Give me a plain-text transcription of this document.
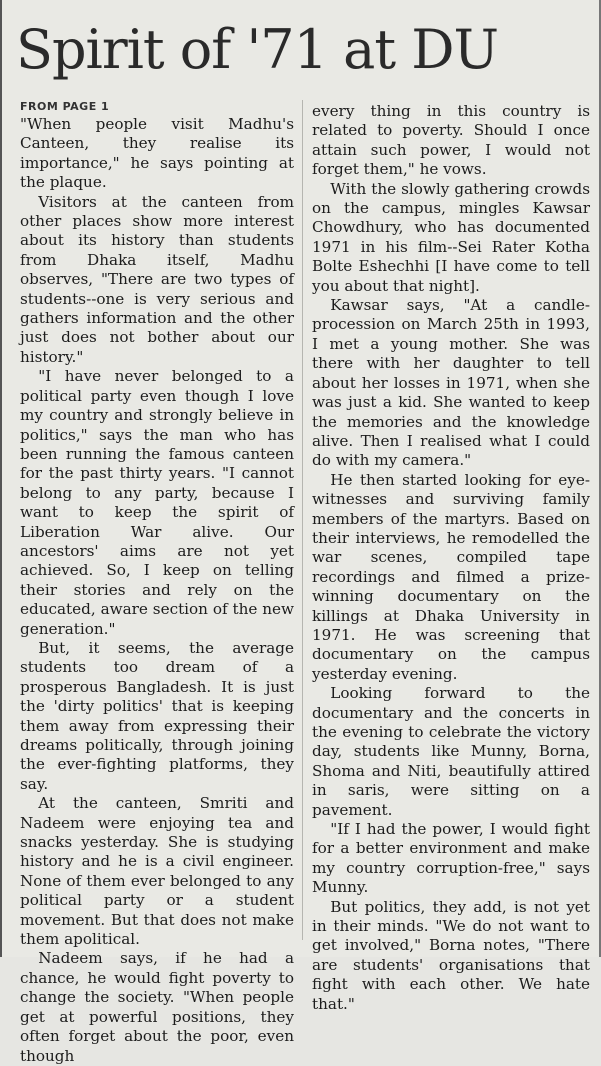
Spirit of '71 at DU
FROM PAGE 1

"When people visit Madhu's Canteen, they realise its importance," he says pointing at the plaque.

Visitors at the canteen from other places show more interest about its history than students from Dhaka itself, Madhu observes, "There are two types of students--one is very serious and gathers information and the other just does not bother about our history."

"I have never belonged to a political party even though I love my country and strongly believe in politics," says the man who has been running the famous canteen for the past thirty years. "I cannot belong to any party, because I want to keep the spirit of Liberation War alive. Our ancestors' aims are not yet achieved. So, I keep on telling their stories and rely on the educated, aware section of the new generation."

But, it seems, the average students too dream of a prosperous Bangladesh. It is just the 'dirty politics' that is keeping them away from expressing their dreams politically, through joining the ever-fighting platforms, they say.

At the canteen, Smriti and Nadeem were enjoying tea and snacks yesterday. She is studying history and he is a civil engineer. None of them ever belonged to any political party or a student movement. But that does not make them apolitical.

Nadeem says, if he had a chance, he would fight poverty to change the society. "When people get at powerful positions, they often forget about the poor, even though

every thing in this country is related to poverty. Should I once attain such power, I would not forget them," he vows.

With the slowly gathering crowds on the campus, mingles Kawsar Chowdhury, who has documented 1971 in his film--Sei Rater Kotha Bolte Eshechhi [I have come to tell you about that night].

Kawsar says, "At a candle-procession on March 25th in 1993, I met a young mother. She was there with her daughter to tell about her losses in 1971, when she was just a kid. She wanted to keep the memories and the knowledge alive. Then I realised what I could do with my camera."

He then started looking for eye-witnesses and surviving family members of the martyrs. Based on their interviews, he remodelled the war scenes, compiled tape recordings and filmed a prize-winning documentary on the killings at Dhaka University in 1971. He was screening that documentary on the campus yesterday evening.

Looking forward to the documentary and the concerts in the evening to celebrate the victory day, students like Munny, Borna, Shoma and Niti, beautifully attired in saris, were sitting on a pavement.

"If I had the power, I would fight for a better environment and make my country corruption-free," says Munny.

But politics, they add, is not yet in their minds. "We do not want to get involved," Borna notes, "There are students' organisations that fight with each other. We hate that."
